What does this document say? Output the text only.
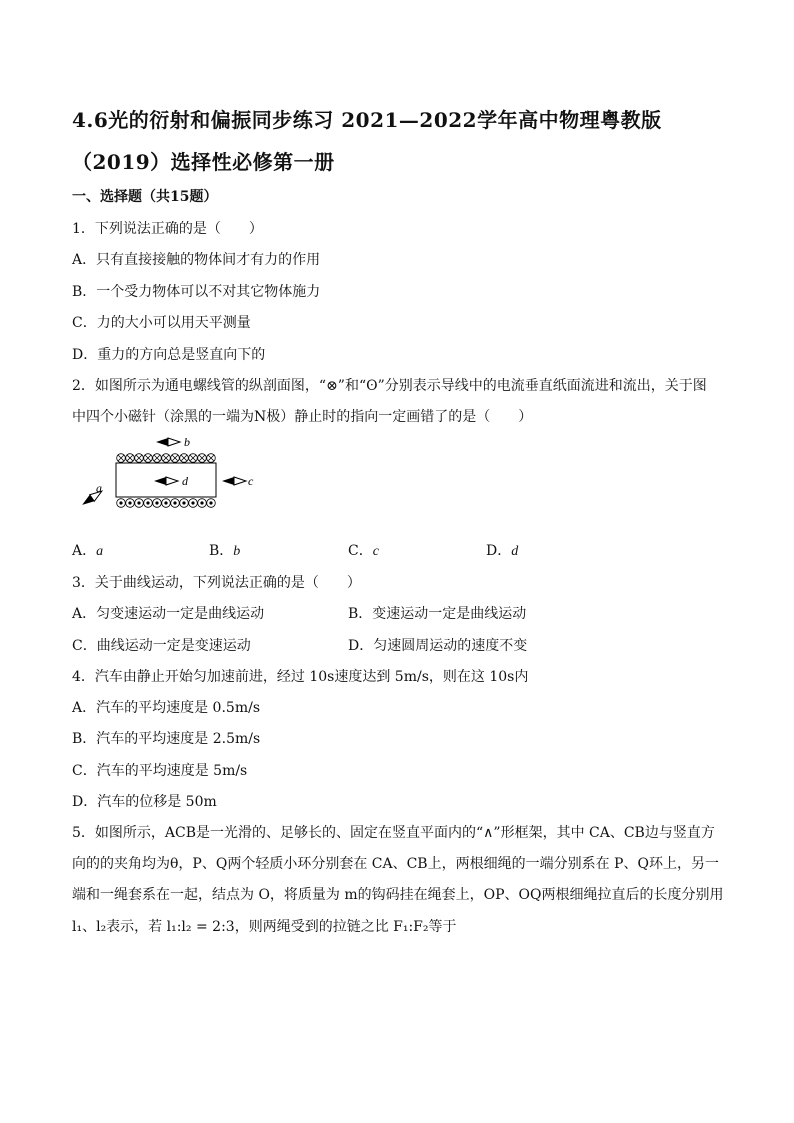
4.6光的衍射和偏振同步练习 2021—2022学年高中物理粤教版
（2019）选择性必修第一册
一、选择题（共15题）
1．下列说法正确的是（　　）
A．只有直接接触的物体间才有力的作用
B．一个受力物体可以不对其它物体施力
C．力的大小可以用天平测量
D．重力的方向总是竖直向下的
2．如图所示为通电螺线管的纵剖面图，“⊗”和“ʘ”分别表示导线中的电流垂直纸面流进和流出，关于图
中四个小磁针（涂黑的一端为N极）静止时的指向一定画错了的是（　　）
b
d	c
a
A．a	B．b	C．c	D．d
3．关于曲线运动，下列说法正确的是（　　）
A．匀变速运动一定是曲线运动	B．变速运动一定是曲线运动
C．曲线运动一定是变速运动	D．匀速圆周运动的速度不变
4．汽车由静止开始匀加速前进，经过 10s速度达到 5m/s，则在这 10s内
A．汽车的平均速度是 0.5m/s
B．汽车的平均速度是 2.5m/s
C．汽车的平均速度是 5m/s
D．汽车的位移是 50m
5．如图所示，ACB是一光滑的、足够长的、固定在竖直平面内的“∧”形框架，其中 CA、CB边与竖直方
向的的夹角均为θ，P、Q两个轻质小环分别套在 CA、CB上，两根细绳的一端分别系在 P、Q环上，另一
端和一绳套系在一起，结点为 O，将质量为 m的钩码挂在绳套上，OP、OQ两根细绳拉直后的长度分别用
l₁、l₂表示，若 l₁:l₂ = 2:3，则两绳受到的拉链之比 F₁:F₂等于
